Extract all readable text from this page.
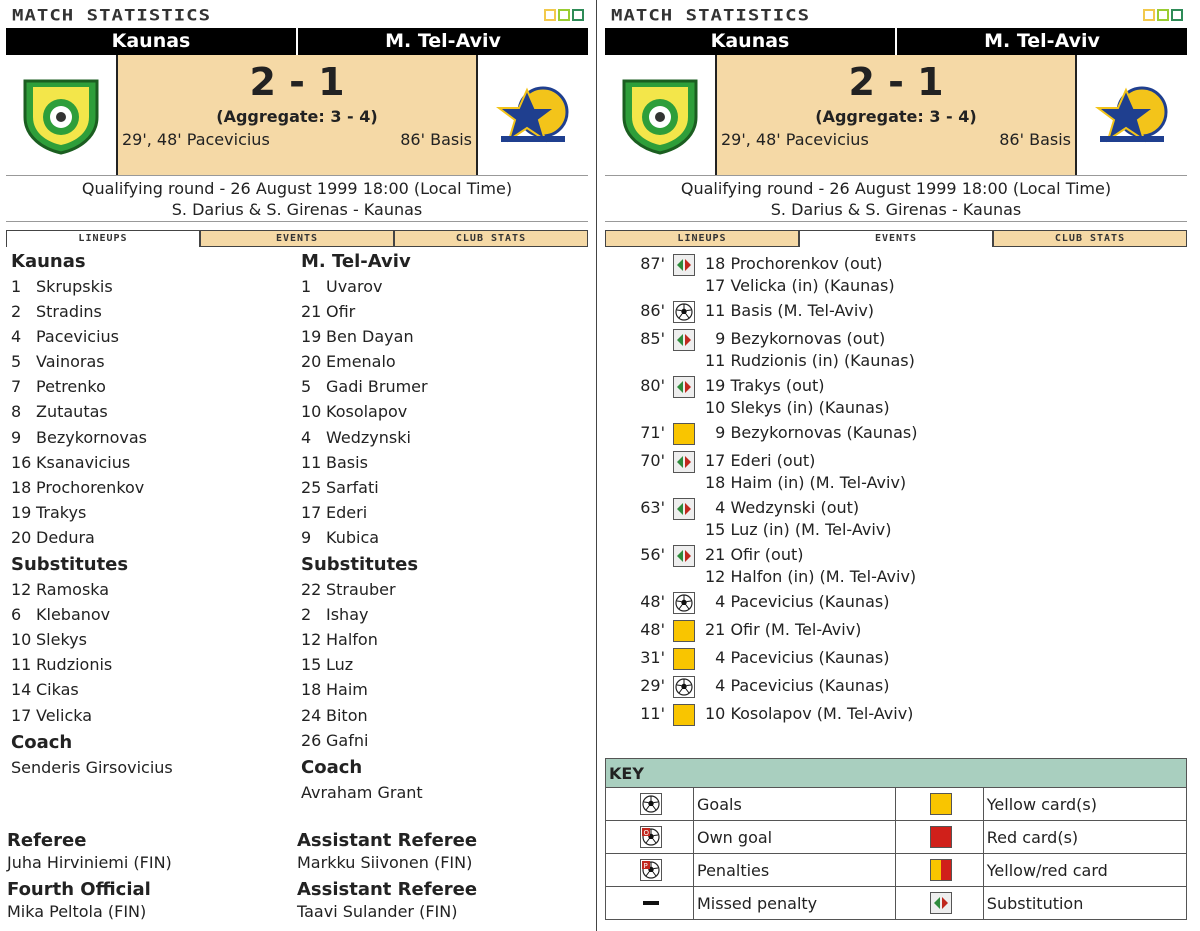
MATCH STATISTICS
Kaunas	M. Tel-Aviv
2 - 1
(Aggregate: 3 - 4)
29', 48' Pacevicius	86' Basis
Qualifying round - 26 August 1999 18:00 (Local Time)
S. Darius & S. Girenas - Kaunas
LINEUPS	EVENTS	CLUB STATS
Kaunas
1 Skrupskis
2 Stradins
4 Pacevicius
5 Vainoras
7 Petrenko
8 Zutautas
9 Bezykornovas
16 Ksanavicius
18 Prochorenkov
19 Trakys
20 Dedura
Substitutes
12 Ramoska
6 Klebanov
10 Slekys
11 Rudzionis
14 Cikas
17 Velicka
Coach
Senderis Girsovicius
M. Tel-Aviv
1 Uvarov
21 Ofir
19 Ben Dayan
20 Emenalo
5 Gadi Brumer
10 Kosolapov
4 Wedzynski
11 Basis
25 Sarfati
17 Ederi
9 Kubica
Substitutes
22 Strauber
2 Ishay
12 Halfon
15 Luz
18 Haim
24 Biton
26 Gafni
Coach
Avraham Grant
Referee
Juha Hirviniemi (FIN)
Assistant Referee
Markku Siivonen (FIN)
Fourth Official
Mika Peltola (FIN)
Assistant Referee
Taavi Sulander (FIN)
MATCH STATISTICS
Kaunas	M. Tel-Aviv
2 - 1
(Aggregate: 3 - 4)
29', 48' Pacevicius	86' Basis
Qualifying round - 26 August 1999 18:00 (Local Time)
S. Darius & S. Girenas - Kaunas
LINEUPS	EVENTS	CLUB STATS
87'	18 Prochorenkov (out)
17 Velicka (in) (Kaunas)
86'	11 Basis (M. Tel-Aviv)
85'	9 Bezykornovas (out)
11 Rudzionis (in) (Kaunas)
80'	19 Trakys (out)
10 Slekys (in) (Kaunas)
71'	9 Bezykornovas (Kaunas)
70'	17 Ederi (out)
18 Haim (in) (M. Tel-Aviv)
63'	4 Wedzynski (out)
15 Luz (in) (M. Tel-Aviv)
56'	21 Ofir (out)
12 Halfon (in) (M. Tel-Aviv)
48'	4 Pacevicius (Kaunas)
48'	21 Ofir (M. Tel-Aviv)
31'	4 Pacevicius (Kaunas)
29'	4 Pacevicius (Kaunas)
11'	10 Kosolapov (M. Tel-Aviv)
KEY			

	Goals		Yellow card(s)

O	Own goal		Red card(s)

P	Penalties		Yellow/red card

	Missed penalty		Substitution
